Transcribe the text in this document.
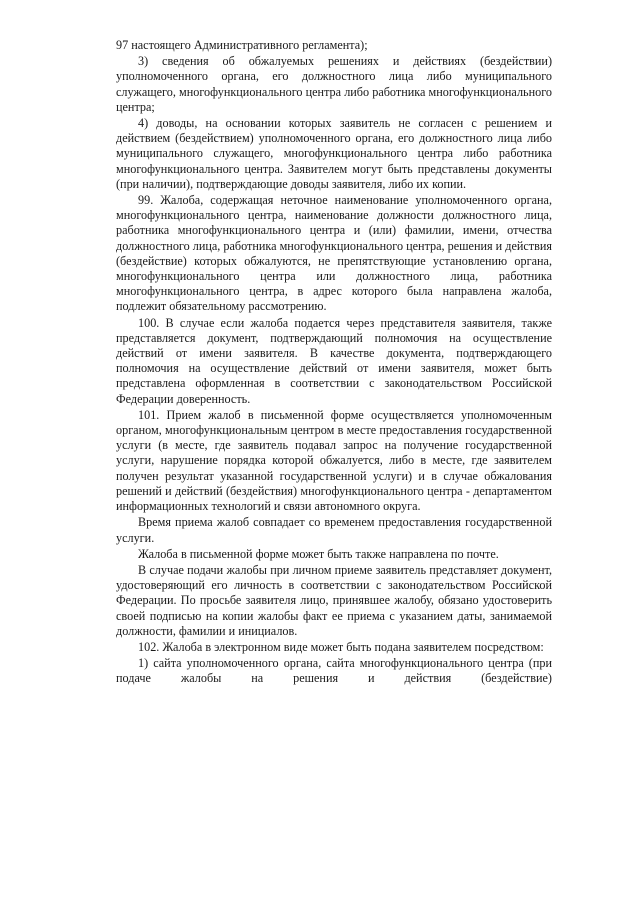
97 настоящего Административного регламента);

3) сведения об обжалуемых решениях и действиях (бездействии) уполномоченного органа, его должностного лица либо муниципального служащего, многофункционального центра либо работника многофункционального центра;

4) доводы, на основании которых заявитель не согласен с решением и действием (бездействием) уполномоченного органа, его должностного лица либо муниципального служащего, многофункционального центра либо работника многофункционального центра. Заявителем могут быть представлены документы (при наличии), подтверждающие доводы заявителя, либо их копии.

99. Жалоба, содержащая неточное наименование уполномоченного органа, многофункционального центра, наименование должности должностного лица, работника многофункционального центра и (или) фамилии, имени, отчества должностного лица, работника многофункционального центра, решения и действия (бездействие) которых обжалуются, не препятствующие установлению органа, многофункционального центра или должностного лица, работника многофункционального центра, в адрес которого была направлена жалоба, подлежит обязательному рассмотрению.

100. В случае если жалоба подается через представителя заявителя, также представляется документ, подтверждающий полномочия на осуществление действий от имени заявителя. В качестве документа, подтверждающего полномочия на осуществление действий от имени заявителя, может быть представлена оформленная в соответствии с законодательством Российской Федерации доверенность.

101. Прием жалоб в письменной форме осуществляется уполномоченным органом, многофункциональным центром в месте предоставления государственной услуги (в месте, где заявитель подавал запрос на получение государственной услуги, нарушение порядка которой обжалуется, либо в месте, где заявителем получен результат указанной государственной услуги) и в случае обжалования решений и действий (бездействия) многофункционального центра - департаментом информационных технологий и связи автономного округа.

Время приема жалоб совпадает со временем предоставления государственной услуги.

Жалоба в письменной форме может быть также направлена по почте.

В случае подачи жалобы при личном приеме заявитель представляет документ, удостоверяющий его личность в соответствии с законодательством Российской Федерации. По просьбе заявителя лицо, принявшее жалобу, обязано удостоверить своей подписью на копии жалобы факт ее приема с указанием даты, занимаемой должности, фамилии и инициалов.

102. Жалоба в электронном виде может быть подана заявителем посредством:

1) сайта уполномоченного органа, сайта многофункционального центра (при подаче жалобы на решения и действия (бездействие)
